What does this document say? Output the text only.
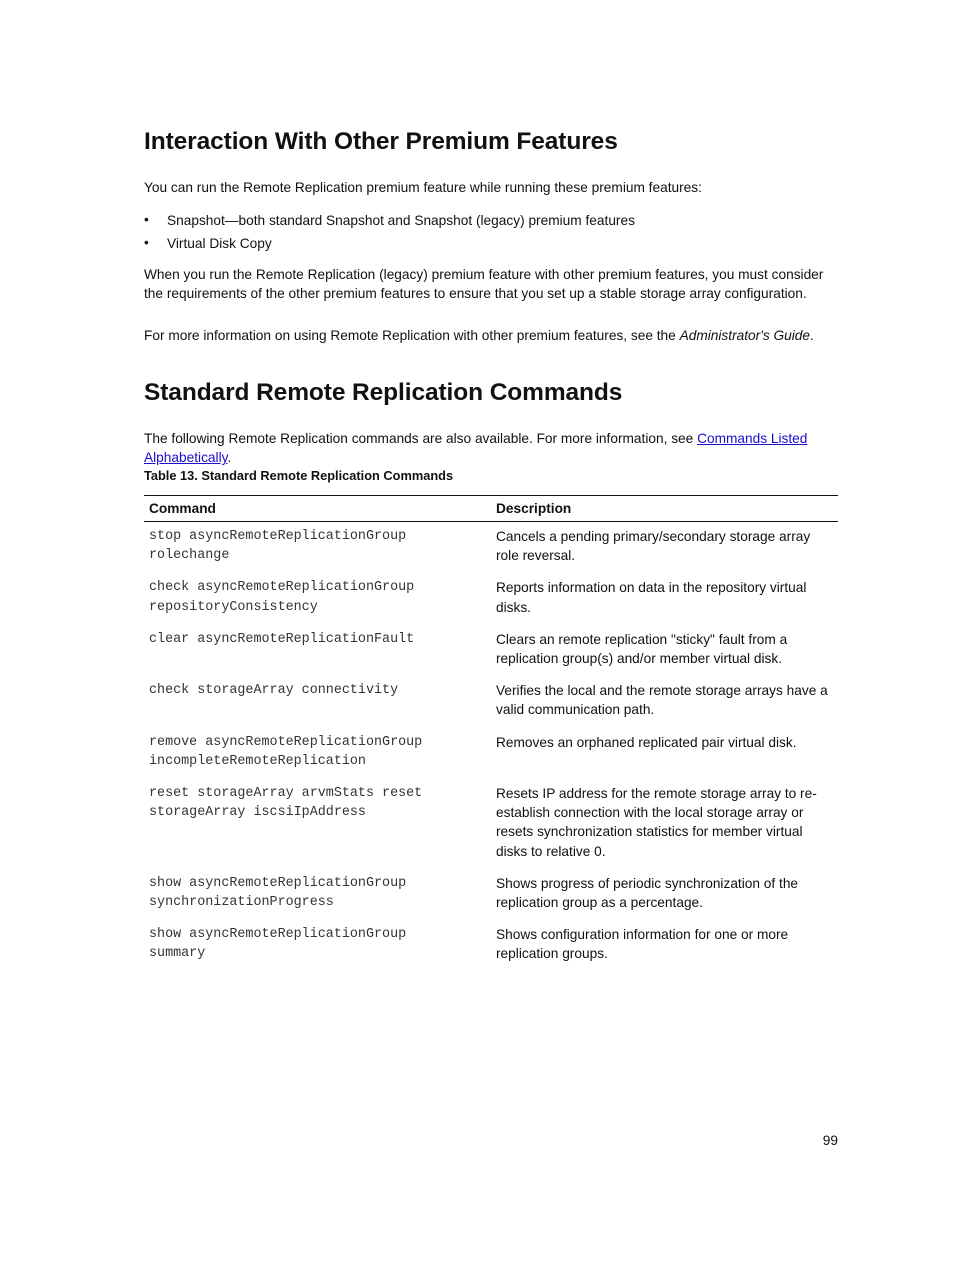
Interaction With Other Premium Features

You can run the Remote Replication premium feature while running these premium features:

• Snapshot—both standard Snapshot and Snapshot (legacy) premium features
• Virtual Disk Copy

When you run the Remote Replication (legacy) premium feature with other premium features, you must consider the requirements of the other premium features to ensure that you set up a stable storage array configuration.

For more information on using Remote Replication with other premium features, see the Administrator's Guide.

Standard Remote Replication Commands

The following Remote Replication commands are also available. For more information, see Commands Listed Alphabetically.

Table 13. Standard Remote Replication Commands
Command	Description
stop asyncRemoteReplicationGroup
rolechange	Cancels a pending primary/secondary storage array role reversal.
check asyncRemoteReplicationGroup
repositoryConsistency	Reports information on data in the repository virtual disks.
clear asyncRemoteReplicationFault	Clears an remote replication "sticky" fault from a replication group(s) and/or member virtual disk.
check storageArray connectivity	Verifies the local and the remote storage arrays have a valid communication path.
remove asyncRemoteReplicationGroup
incompleteRemoteReplication	Removes an orphaned replicated pair virtual disk.
reset storageArray arvmStats reset
storageArray iscsiIpAddress	Resets IP address for the remote storage array to re-establish connection with the local storage array or resets synchronization statistics for member virtual disks to relative 0.
show asyncRemoteReplicationGroup
synchronizationProgress	Shows progress of periodic synchronization of the replication group as a percentage.
show asyncRemoteReplicationGroup
summary	Shows configuration information for one or more replication groups.
99
